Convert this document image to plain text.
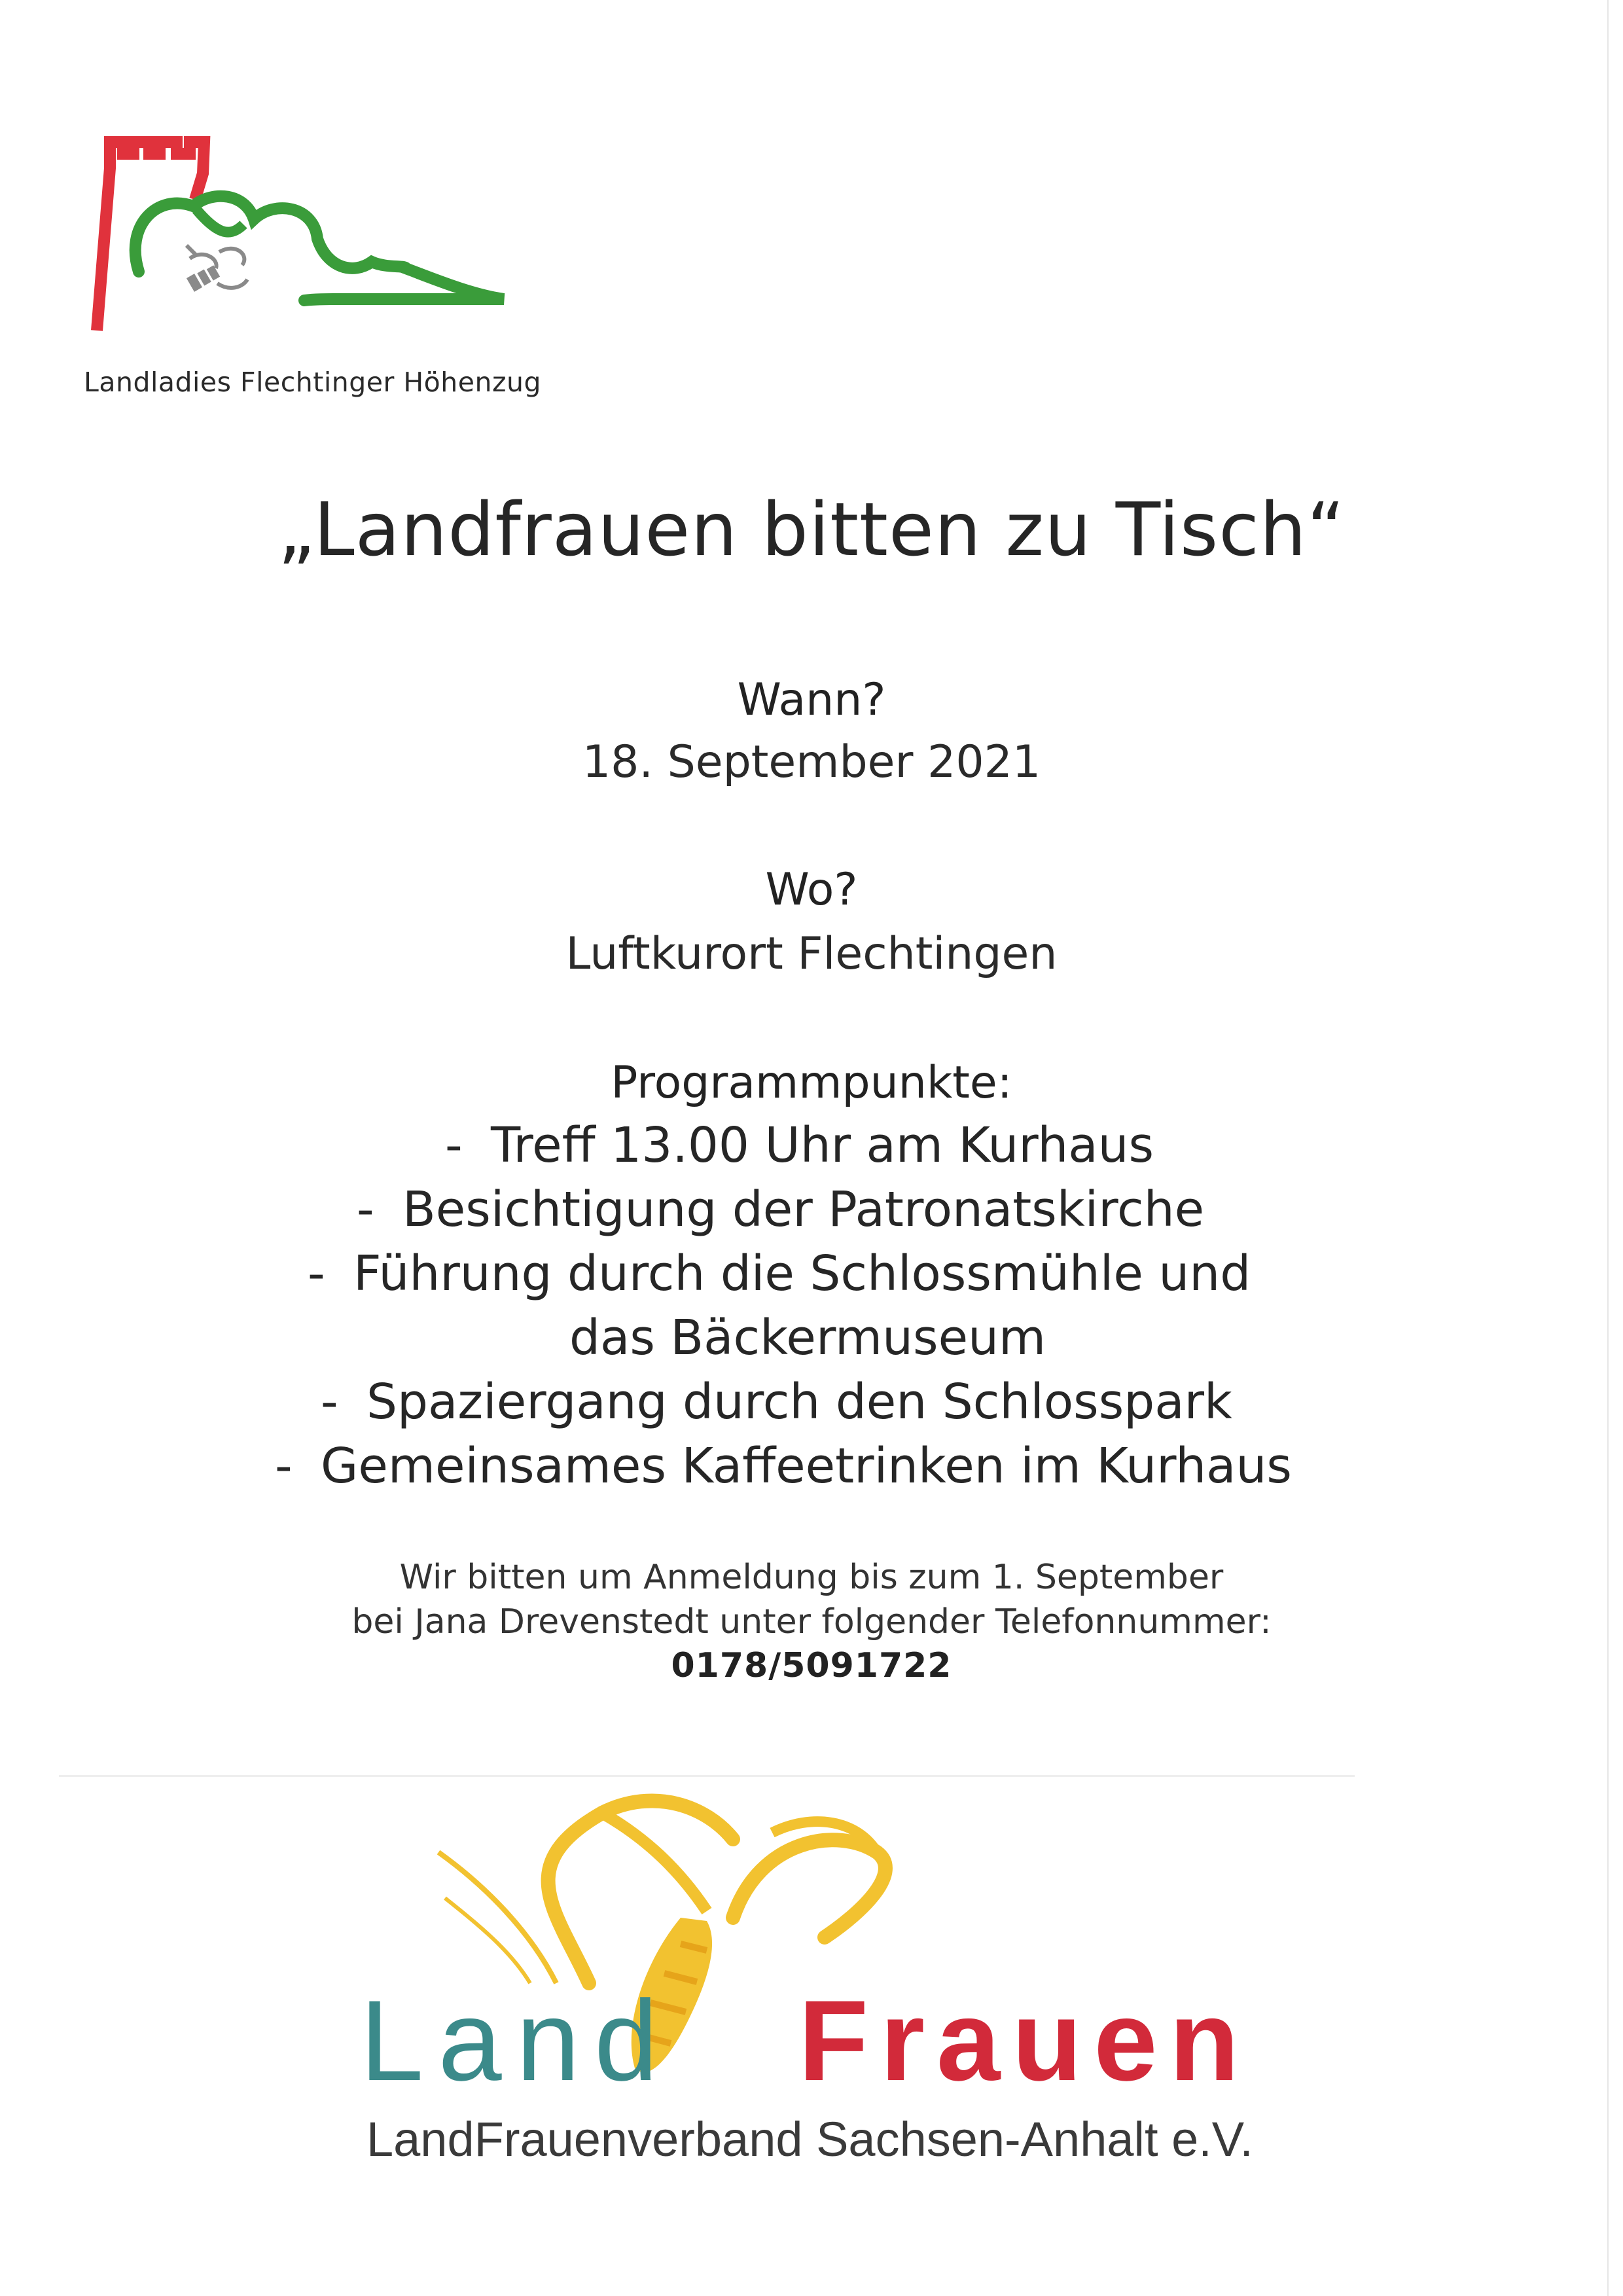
Landladies Flechtinger Höhenzug
„Landfrauen bitten zu Tisch“
Wann?
18. September 2021
Wo?
Luftkurort Flechtingen
Programmpunkte:
- Treff 13.00 Uhr am Kurhaus
- Besichtigung der Patronatskirche
- Führung durch die Schlossmühle und
das Bäckermuseum
- Spaziergang durch den Schlosspark
- Gemeinsames Kaffeetrinken im Kurhaus
Wir bitten um Anmeldung bis zum 1. September
bei Jana Drevenstedt unter folgender Telefonnummer:
0178/5091722
Land Frauen
LandFrauenverband Sachsen-Anhalt e.V.
